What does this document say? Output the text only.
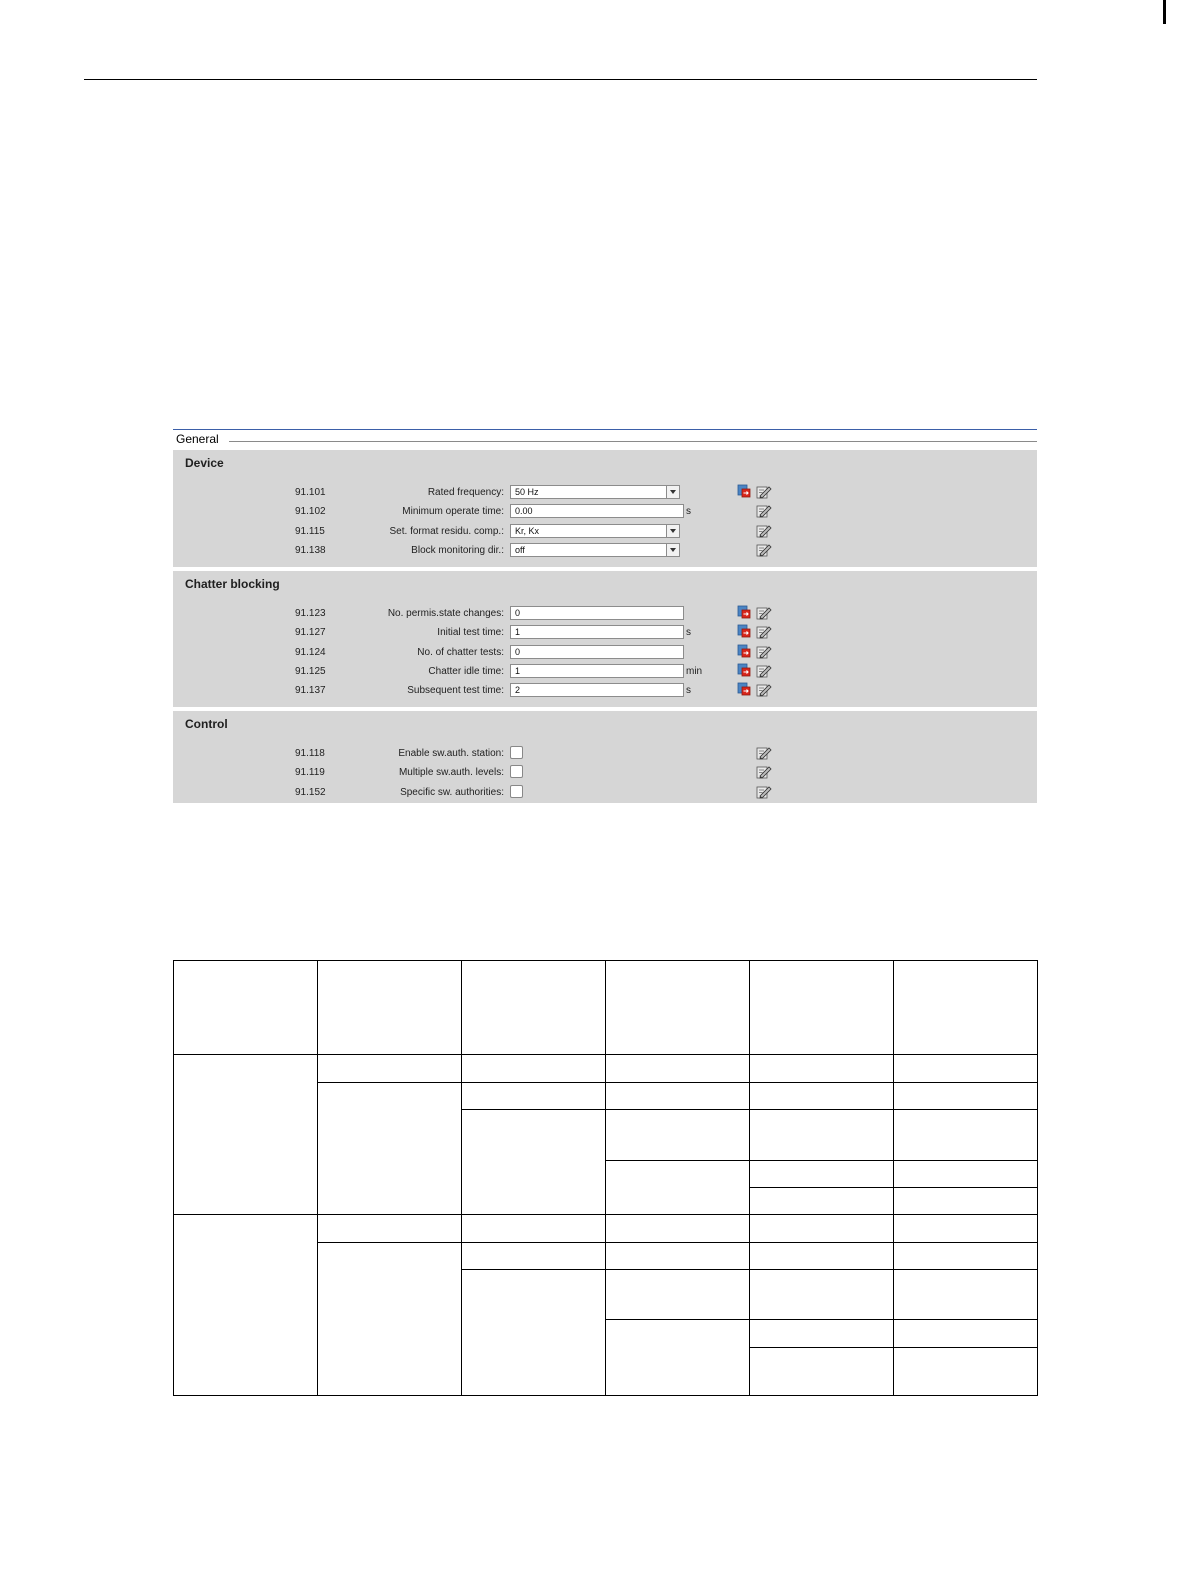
General
Device
91.101	Rated frequency:	50 Hz
91.102	Minimum operate time:	0.00	s
91.115	Set. format residu. comp.:	Kr, Kx
91.138	Block monitoring dir.:	off
Chatter blocking
91.123	No. permis.state changes:	0
91.127	Initial test time:	1	s
91.124	No. of chatter tests:	0
91.125	Chatter idle time:	1	min
91.137	Subsequent test time:	2	s
Control
91.118	Enable sw.auth. station:
91.119	Multiple sw.auth. levels:
91.152	Specific sw. authorities:
